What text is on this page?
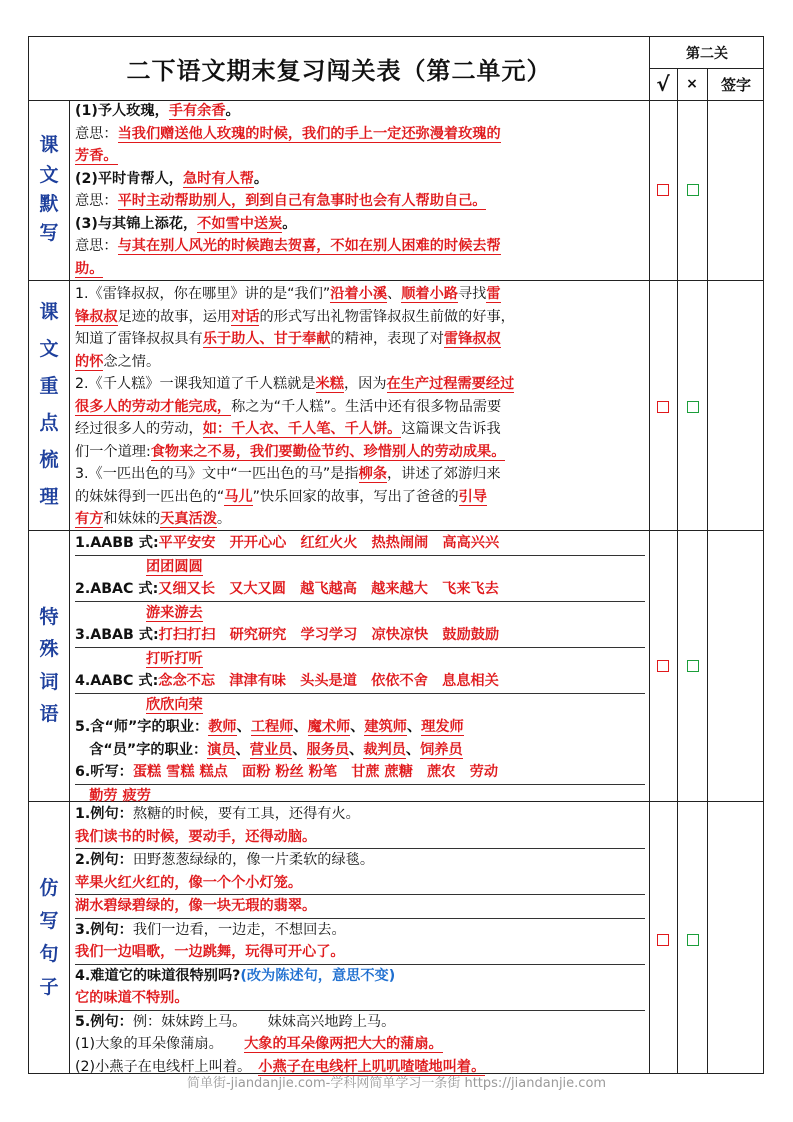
二下语文期末复习闯关表（第二单元）
第二关
√	×	签字
课
文
默
写
课
文
重
点
梳
理
特
殊
词
语
仿
写
句
子
(1)予人玫瑰，手有余香。
意思：当我们赠送他人玫瑰的时候，我们的手上一定还弥漫着玫瑰的
芳香。
(2)平时肯帮人，急时有人帮。
意思：平时主动帮助别人，到到自己有急事时也会有人帮助自己。
(3)与其锦上添花，不如雪中送炭。
意思：与其在别人风光的时候跑去贺喜，不如在别人困难的时候去帮
助。
1.《雷锋叔叔，你在哪里》讲的是“我们”沿着小溪、顺着小路寻找雷
锋叔叔足迹的故事，运用对话的形式写出礼物雷锋叔叔生前做的好事，
知道了雷锋叔叔具有乐于助人、甘于奉献的精神，表现了对雷锋叔叔
的怀念之情。
2.《千人糕》一课我知道了千人糕就是米糕，因为在生产过程需要经过
很多人的劳动才能完成，称之为“千人糕”。生活中还有很多物品需要
经过很多人的劳动，如：千人衣、千人笔、千人饼。这篇课文告诉我
们一个道理:食物来之不易，我们要勤俭节约、珍惜别人的劳动成果。
3.《一匹出色的马》文中“一匹出色的马”是指柳条，讲述了郊游归来
的妹妹得到一匹出色的“马儿”快乐回家的故事，写出了爸爸的引导
有方和妹妹的天真活泼。
1.AABB 式:平平安安　开开心心　红红火火　热热闹闹　高高兴兴
　　　　　团团圆圆
2.ABAC 式:又细又长　又大又圆　越飞越高　越来越大　飞来飞去
　　　　　游来游去
3.ABAB 式:打扫打扫　研究研究　学习学习　凉快凉快　鼓励鼓励
　　　　　打听打听
4.AABC 式:念念不忘　津津有味　头头是道　依依不舍　息息相关
　　　　　欣欣向荣
5.含“师”字的职业：教师、工程师、魔术师、建筑师、理发师
　含“员”字的职业：演员、营业员、服务员、裁判员、饲养员
6.听写：蛋糕 雪糕 糕点　面粉 粉丝 粉笔　甘蔗 蔗糖　蔗农　劳动
　勤劳 疲劳
1.例句：熬糖的时候，要有工具，还得有火。
我们读书的时候，要动手，还得动脑。
2.例句：田野葱葱绿绿的，像一片柔软的绿毯。
苹果火红火红的，像一个个小灯笼。
湖水碧绿碧绿的，像一块无瑕的翡翠。
3.例句：我们一边看，一边走，不想回去。
我们一边唱歌，一边跳舞，玩得可开心了。
4.难道它的味道很特别吗?(改为陈述句，意思不变)
它的味道不特别。
5.例句：例：妹妹跨上马。　　妹妹高兴地跨上马。
(1)大象的耳朵像蒲扇。　　 大象的耳朵像两把大大的蒲扇。
(2)小燕子在电线杆上叫着。　 小燕子在电线杆上叽叽喳喳地叫着。
简单街-jiandanjie.com-学科网简单学习一条街 https://jiandanjie.com
